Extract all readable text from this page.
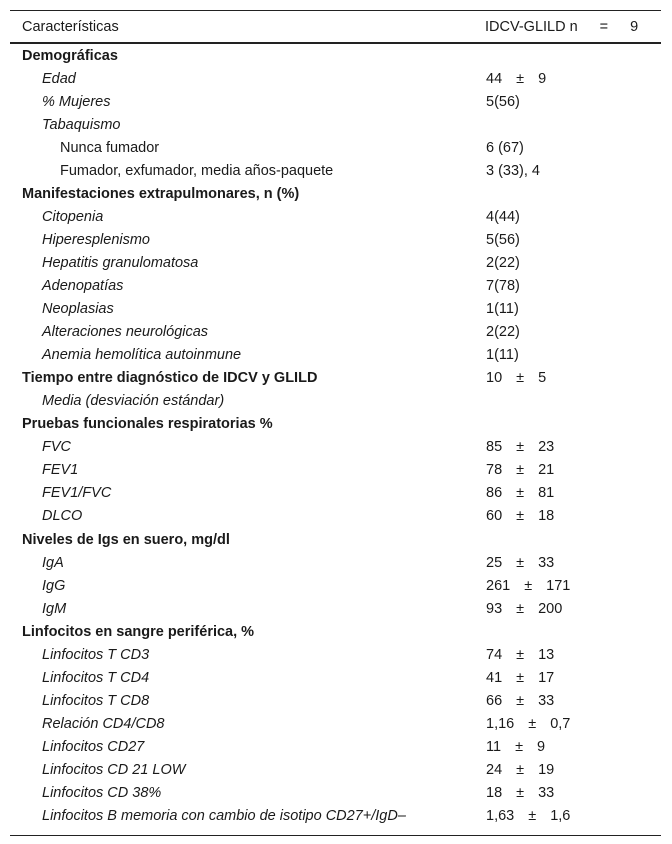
Características	IDCV-GLILD n = 9
Demográficas
Edad	44 ± 9
% Mujeres	5(56)
Tabaquismo
Nunca fumador	6 (67)
Fumador, exfumador, media años-paquete	3 (33), 4
Manifestaciones extrapulmonares, n (%)
Citopenia	4(44)
Hiperesplenismo	5(56)
Hepatitis granulomatosa	2(22)
Adenopatías	7(78)
Neoplasias	1(11)
Alteraciones neurológicas	2(22)
Anemia hemolítica autoinmune	1(11)
Tiempo entre diagnóstico de IDCV y GLILD	10 ± 5
Media (desviación estándar)
Pruebas funcionales respiratorias %
FVC	85 ± 23
FEV1	78 ± 21
FEV1/FVC	86 ± 81
DLCO	60 ± 18
Niveles de Igs en suero, mg/dl
IgA	25 ± 33
IgG	261 ± 171
IgM	93 ± 200
Linfocitos en sangre periférica, %
Linfocitos T CD3	74 ± 13
Linfocitos T CD4	41 ± 17
Linfocitos T CD8	66 ± 33
Relación CD4/CD8	1,16 ± 0,7
Linfocitos CD27	11 ± 9
Linfocitos CD 21 LOW	24 ± 19
Linfocitos CD 38%	18 ± 33
Linfocitos B memoria con cambio de isotipo CD27+/IgD–	1,63 ± 1,6
